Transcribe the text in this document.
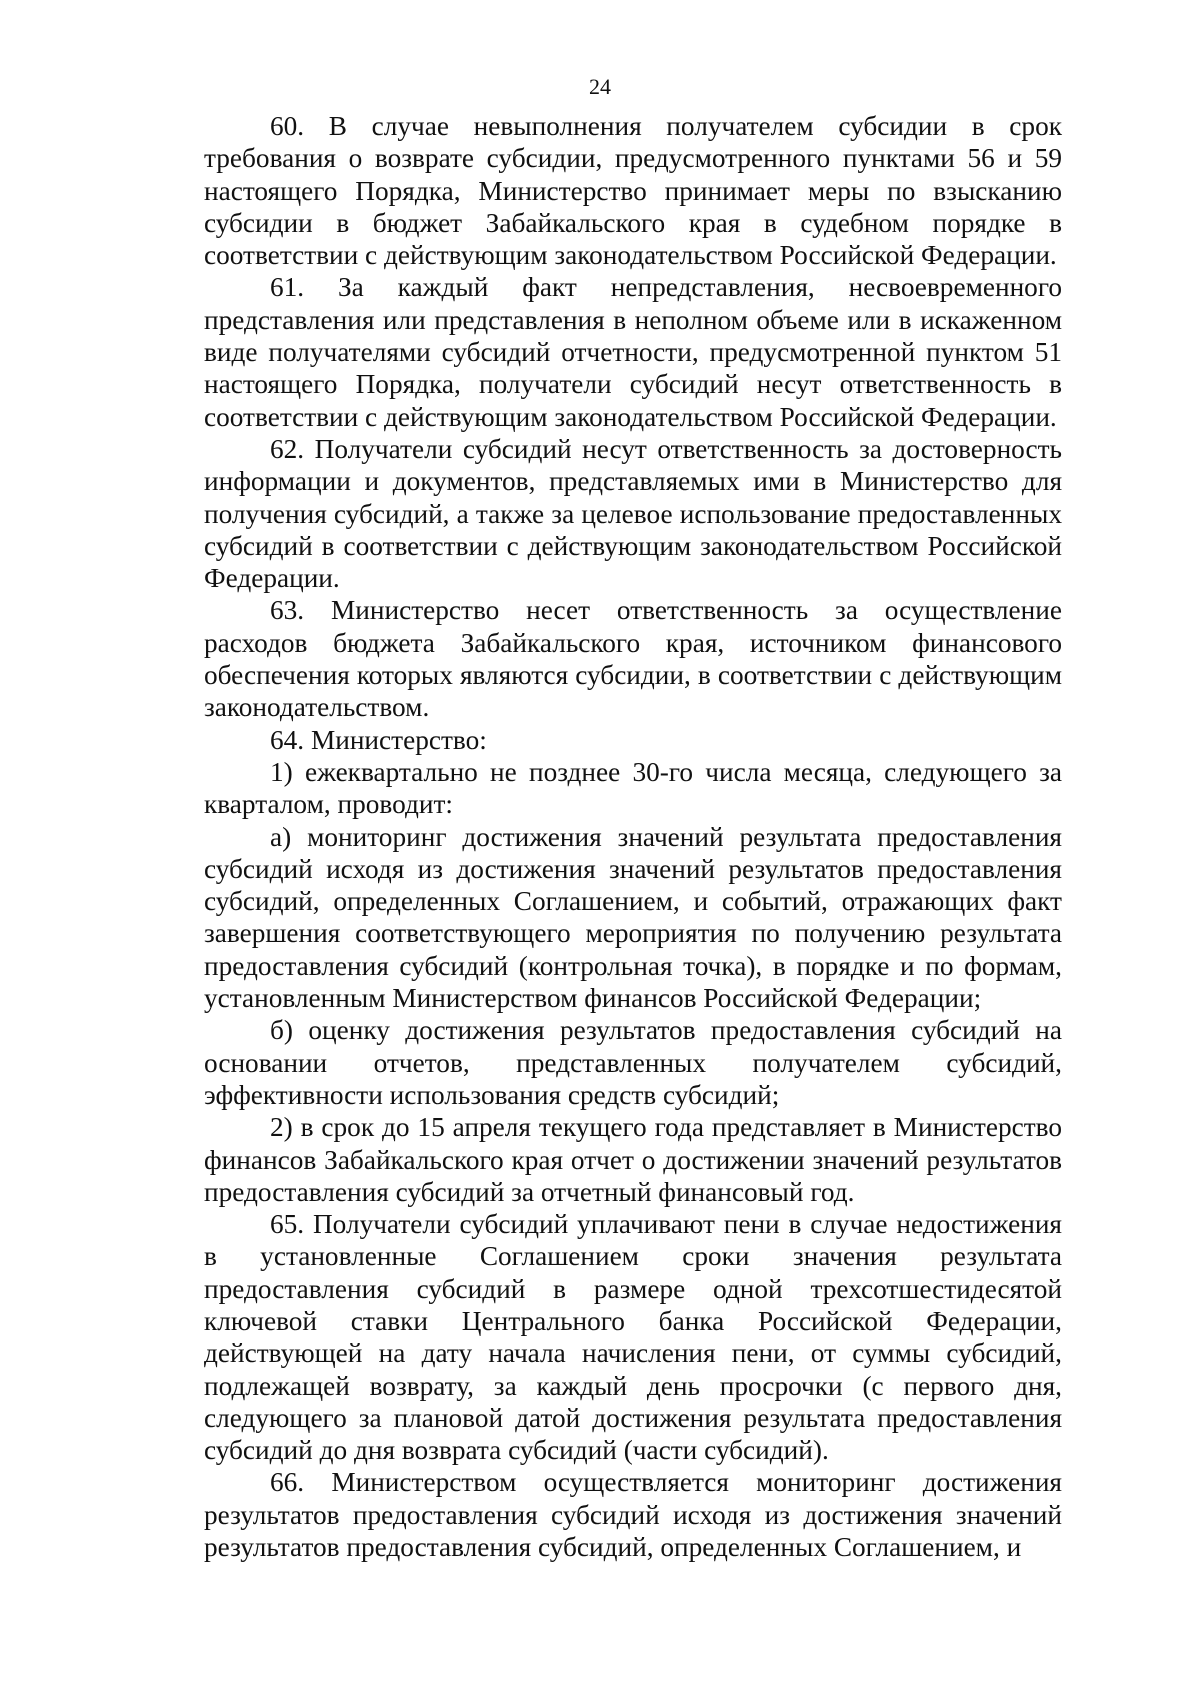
24

60. В случае невыполнения получателем субсидии в срок требования о возврате субсидии, предусмотренного пунктами 56 и 59 настоящего Порядка, Министерство принимает меры по взысканию субсидии в бюджет Забайкальского края в судебном порядке в соответствии с действующим законодательством Российской Федерации.

61. За каждый факт непредставления, несвоевременного представления или представления в неполном объеме или в искаженном виде получателями субсидий отчетности, предусмотренной пунктом 51 настоящего Порядка, получатели субсидий несут ответственность в соответствии с действующим законодательством Российской Федерации.

62. Получатели субсидий несут ответственность за достоверность информации и документов, представляемых ими в Министерство для получения субсидий, а также за целевое использование предоставленных субсидий в соответствии с действующим законодательством Российской Федерации.

63. Министерство несет ответственность за осуществление расходов бюджета Забайкальского края, источником финансового обеспечения которых являются субсидии, в соответствии с действующим законодательством.

64. Министерство:

1) ежеквартально не позднее 30-го числа месяца, следующего за кварталом, проводит:

а) мониторинг достижения значений результата предоставления субсидий исходя из достижения значений результатов предоставления субсидий, определенных Соглашением, и событий, отражающих факт завершения соответствующего мероприятия по получению результата предоставления субсидий (контрольная точка), в порядке и по формам, установленным Министерством финансов Российской Федерации;

б) оценку достижения результатов предоставления субсидий на основании отчетов, представленных получателем субсидий, эффективности использования средств субсидий;

2) в срок до 15 апреля текущего года представляет в Министерство финансов Забайкальского края отчет о достижении значений результатов предоставления субсидий за отчетный финансовый год.

65. Получатели субсидий уплачивают пени в случае недостижения в установленные Соглашением сроки значения результата предоставления субсидий в размере одной трехсотшестидесятой ключевой ставки Центрального банка Российской Федерации, действующей на дату начала начисления пени, от суммы субсидий, подлежащей возврату, за каждый день просрочки (с первого дня, следующего за плановой датой достижения результата предоставления субсидий до дня возврата субсидий (части субсидий).

66. Министерством осуществляется мониторинг достижения результатов предоставления субсидий исходя из достижения значений результатов предоставления субсидий, определенных Соглашением, и
